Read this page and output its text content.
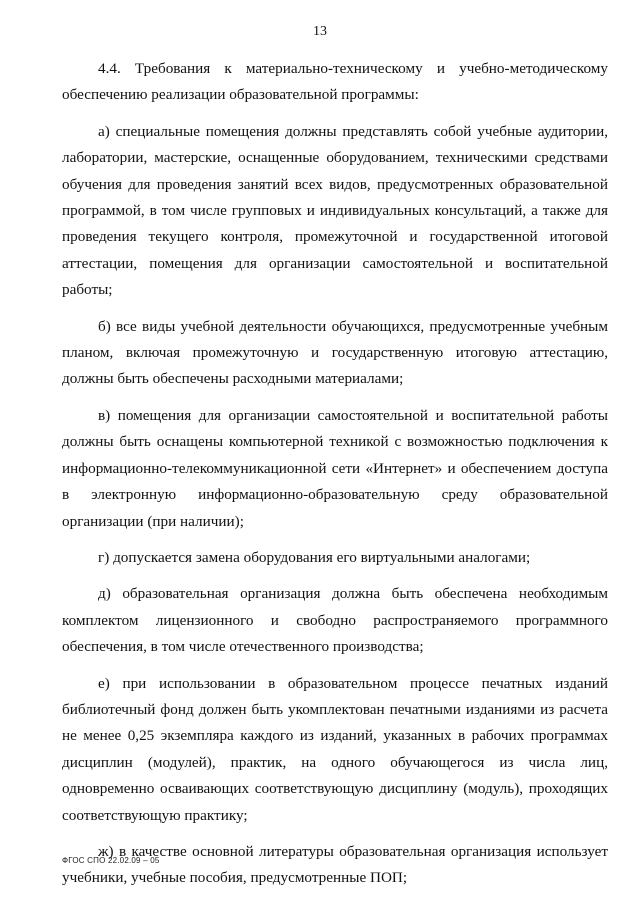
13

4.4. Требования к материально-техническому и учебно-методическому обеспечению реализации образовательной программы:

а) специальные помещения должны представлять собой учебные аудитории, лаборатории, мастерские, оснащенные оборудованием, техническими средствами обучения для проведения занятий всех видов, предусмотренных образовательной программой, в том числе групповых и индивидуальных консультаций, а также для проведения текущего контроля, промежуточной и государственной итоговой аттестации, помещения для организации самостоятельной и воспитательной работы;

б) все виды учебной деятельности обучающихся, предусмотренные учебным планом, включая промежуточную и государственную итоговую аттестацию, должны быть обеспечены расходными материалами;

в) помещения для организации самостоятельной и воспитательной работы должны быть оснащены компьютерной техникой с возможностью подключения к информационно-телекоммуникационной сети «Интернет» и обеспечением доступа в электронную информационно-образовательную среду образовательной организации (при наличии);

г) допускается замена оборудования его виртуальными аналогами;

д) образовательная организация должна быть обеспечена необходимым комплектом лицензионного и свободно распространяемого программного обеспечения, в том числе отечественного производства;

е) при использовании в образовательном процессе печатных изданий библиотечный фонд должен быть укомплектован печатными изданиями из расчета не менее 0,25 экземпляра каждого из изданий, указанных в рабочих программах дисциплин (модулей), практик, на одного обучающегося из числа лиц, одновременно осваивающих соответствующую дисциплину (модуль), проходящих соответствующую практику;

ж) в качестве основной литературы образовательная организация использует учебники, учебные пособия, предусмотренные ПОП;

ФГОС СПО 22.02.09 – 05
